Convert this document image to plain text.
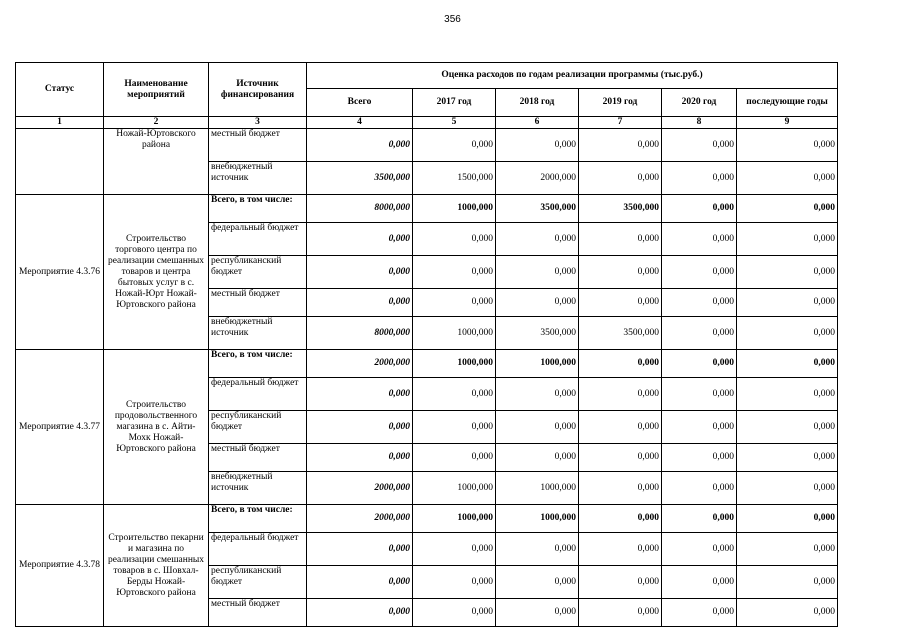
356
Статус	Наименование мероприятий	Источник финансирования	Оценка расходов по годам реализации программы (тыс.руб.)					
			Всего	2017 год	2018 год	2019 год	2020 год	последующие годы
1	2	3	4	5	6	7	8	9
	Ножай-Юртовского района	местный бюджет	0,000	0,000	0,000	0,000	0,000	0,000
		внебюджетный источник	3500,000	1500,000	2000,000	0,000	0,000	0,000
Мероприятие 4.3.76	Строительство торгового центра по реализации смешанных товаров и центра бытовых услуг в с. Ножай-Юрт Ножай-Юртовского района	Всего, в том числе:	8000,000	1000,000	3500,000	3500,000	0,000	0,000
		федеральный бюджет	0,000	0,000	0,000	0,000	0,000	0,000
		республиканский бюджет	0,000	0,000	0,000	0,000	0,000	0,000
		местный бюджет	0,000	0,000	0,000	0,000	0,000	0,000
		внебюджетный источник	8000,000	1000,000	3500,000	3500,000	0,000	0,000
Мероприятие 4.3.77	Строительство продовольственного магазина в с. Айти-Мохк Ножай-Юртовского района	Всего, в том числе:	2000,000	1000,000	1000,000	0,000	0,000	0,000
		федеральный бюджет	0,000	0,000	0,000	0,000	0,000	0,000
		республиканский бюджет	0,000	0,000	0,000	0,000	0,000	0,000
		местный бюджет	0,000	0,000	0,000	0,000	0,000	0,000
		внебюджетный источник	2000,000	1000,000	1000,000	0,000	0,000	0,000
Мероприятие 4.3.78	Строительство пекарни и магазина по реализации смешанных товаров в с. Шовхал-Берды Ножай-Юртовского района	Всего, в том числе:	2000,000	1000,000	1000,000	0,000	0,000	0,000
		федеральный бюджет	0,000	0,000	0,000	0,000	0,000	0,000
		республиканский бюджет	0,000	0,000	0,000	0,000	0,000	0,000
		местный бюджет	0,000	0,000	0,000	0,000	0,000	0,000
